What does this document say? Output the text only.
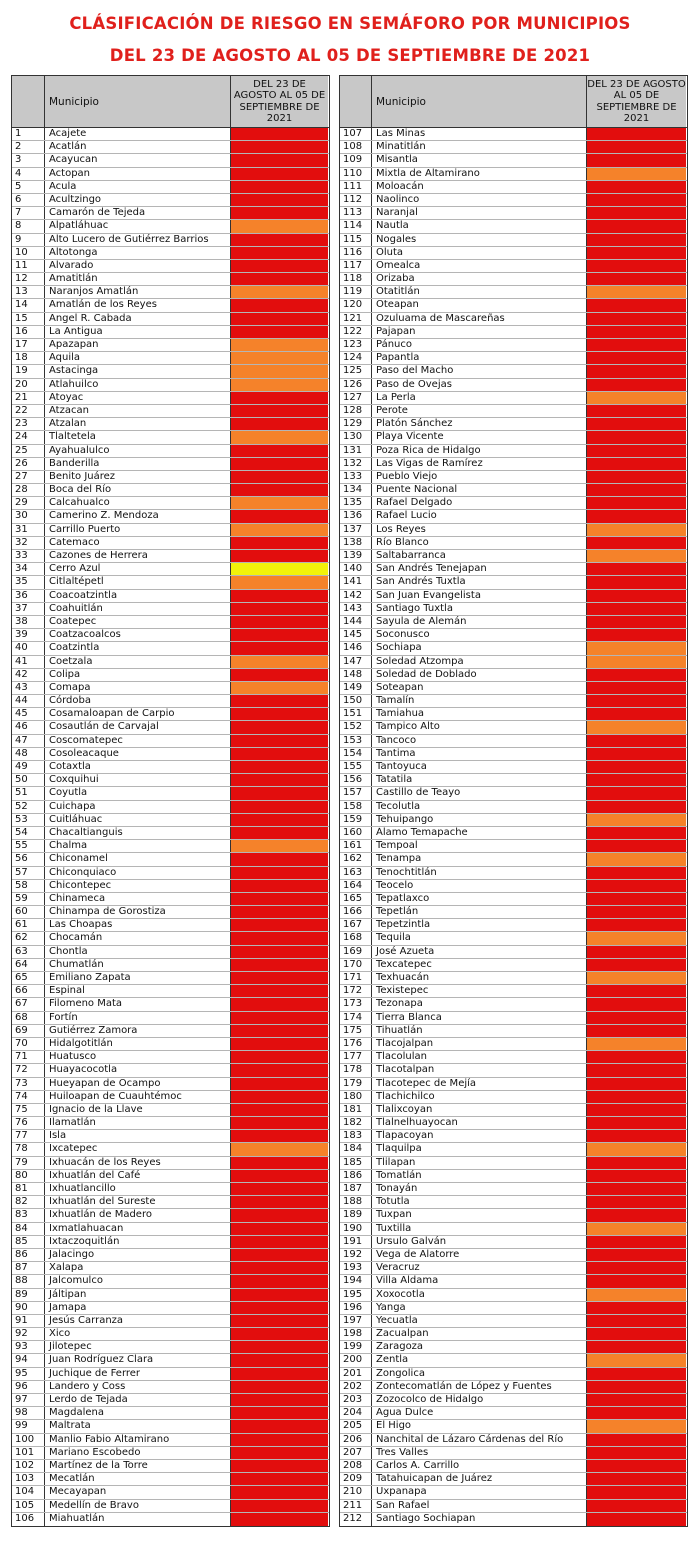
CLÁSIFICACIÓN DE RIESGO EN SEMÁFORO POR MUNICIPIOS
DEL 23 DE AGOSTO AL 05 DE SEPTIEMBRE DE 2021
Municipio
DEL 23 DE AGOSTO AL 05 DE SEPTIEMBRE DE 2021
1	Acajete
2	Acatlán
3	Acayucan
4	Actopan
5	Acula
6	Acultzingo
7	Camarón de Tejeda
8	Alpatláhuac
9	Alto Lucero de Gutiérrez Barrios
10	Altotonga
11	Alvarado
12	Amatitlán
13	Naranjos Amatlán
14	Amatlán de los Reyes
15	Angel R. Cabada
16	La Antigua
17	Apazapan
18	Aquila
19	Astacinga
20	Atlahuilco
21	Atoyac
22	Atzacan
23	Atzalan
24	Tlaltetela
25	Ayahualulco
26	Banderilla
27	Benito Juárez
28	Boca del Río
29	Calcahualco
30	Camerino Z. Mendoza
31	Carrillo Puerto
32	Catemaco
33	Cazones de Herrera
34	Cerro Azul
35	Citlaltépetl
36	Coacoatzintla
37	Coahuitlán
38	Coatepec
39	Coatzacoalcos
40	Coatzintla
41	Coetzala
42	Colipa
43	Comapa
44	Córdoba
45	Cosamaloapan de Carpio
46	Cosautlán de Carvajal
47	Coscomatepec
48	Cosoleacaque
49	Cotaxtla
50	Coxquihui
51	Coyutla
52	Cuichapa
53	Cuitláhuac
54	Chacaltianguis
55	Chalma
56	Chiconamel
57	Chiconquiaco
58	Chicontepec
59	Chinameca
60	Chinampa de Gorostiza
61	Las Choapas
62	Chocamán
63	Chontla
64	Chumatlán
65	Emiliano Zapata
66	Espinal
67	Filomeno Mata
68	Fortín
69	Gutiérrez Zamora
70	Hidalgotitlán
71	Huatusco
72	Huayacocotla
73	Hueyapan de Ocampo
74	Huiloapan de Cuauhtémoc
75	Ignacio de la Llave
76	Ilamatlán
77	Isla
78	Ixcatepec
79	Ixhuacán de los Reyes
80	Ixhuatlán del Café
81	Ixhuatlancillo
82	Ixhuatlán del Sureste
83	Ixhuatlán de Madero
84	Ixmatlahuacan
85	Ixtaczoquitlán
86	Jalacingo
87	Xalapa
88	Jalcomulco
89	Jáltipan
90	Jamapa
91	Jesús Carranza
92	Xico
93	Jilotepec
94	Juan Rodríguez Clara
95	Juchique de Ferrer
96	Landero y Coss
97	Lerdo de Tejada
98	Magdalena
99	Maltrata
100	Manlio Fabio Altamirano
101	Mariano Escobedo
102	Martínez de la Torre
103	Mecatlán
104	Mecayapan
105	Medellín de Bravo
106	Miahuatlán
Municipio
DEL 23 DE AGOSTO AL 05 DE SEPTIEMBRE DE 2021
107	Las Minas
108	Minatitlán
109	Misantla
110	Mixtla de Altamirano
111	Moloacán
112	Naolinco
113	Naranjal
114	Nautla
115	Nogales
116	Oluta
117	Omealca
118	Orizaba
119	Otatitlán
120	Oteapan
121	Ozuluama de Mascareñas
122	Pajapan
123	Pánuco
124	Papantla
125	Paso del Macho
126	Paso de Ovejas
127	La Perla
128	Perote
129	Platón Sánchez
130	Playa Vicente
131	Poza Rica de Hidalgo
132	Las Vigas de Ramírez
133	Pueblo Viejo
134	Puente Nacional
135	Rafael Delgado
136	Rafael Lucio
137	Los Reyes
138	Río Blanco
139	Saltabarranca
140	San Andrés Tenejapan
141	San Andrés Tuxtla
142	San Juan Evangelista
143	Santiago Tuxtla
144	Sayula de Alemán
145	Soconusco
146	Sochiapa
147	Soledad Atzompa
148	Soledad de Doblado
149	Soteapan
150	Tamalín
151	Tamiahua
152	Tampico Alto
153	Tancoco
154	Tantima
155	Tantoyuca
156	Tatatila
157	Castillo de Teayo
158	Tecolutla
159	Tehuipango
160	Álamo Temapache
161	Tempoal
162	Tenampa
163	Tenochtitlán
164	Teocelo
165	Tepatlaxco
166	Tepetlán
167	Tepetzintla
168	Tequila
169	José Azueta
170	Texcatepec
171	Texhuacán
172	Texistepec
173	Tezonapa
174	Tierra Blanca
175	Tihuatlán
176	Tlacojalpan
177	Tlacolulan
178	Tlacotalpan
179	Tlacotepec de Mejía
180	Tlachichilco
181	Tlalixcoyan
182	Tlalnelhuayocan
183	Tlapacoyan
184	Tlaquilpa
185	Tlilapan
186	Tomatlán
187	Tonayán
188	Totutla
189	Tuxpan
190	Tuxtilla
191	Ursulo Galván
192	Vega de Alatorre
193	Veracruz
194	Villa Aldama
195	Xoxocotla
196	Yanga
197	Yecuatla
198	Zacualpan
199	Zaragoza
200	Zentla
201	Zongolica
202	Zontecomatlán de López y Fuentes
203	Zozocolco de Hidalgo
204	Agua Dulce
205	El Higo
206	Nanchital de Lázaro Cárdenas del Río
207	Tres Valles
208	Carlos A. Carrillo
209	Tatahuicapan de Juárez
210	Uxpanapa
211	San Rafael
212	Santiago Sochiapan
